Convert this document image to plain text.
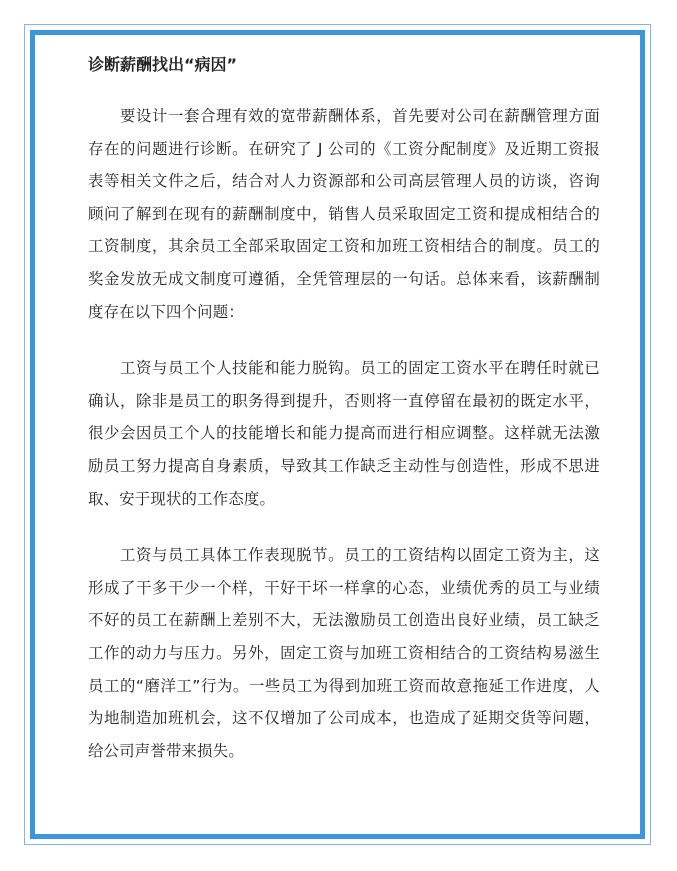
诊断薪酬找出“病因”

要设计一套合理有效的宽带薪酬体系，首先要对公司在薪酬管理方面存在的问题进行诊断。在研究了 J 公司的《工资分配制度》及近期工资报表等相关文件之后，结合对人力资源部和公司高层管理人员的访谈，咨询顾问了解到在现有的薪酬制度中，销售人员采取固定工资和提成相结合的工资制度，其余员工全部采取固定工资和加班工资相结合的制度。员工的奖金发放无成文制度可遵循，全凭管理层的一句话。总体来看，该薪酬制度存在以下四个问题：

工资与员工个人技能和能力脱钩。员工的固定工资水平在聘任时就已确认，除非是员工的职务得到提升，否则将一直停留在最初的既定水平，很少会因员工个人的技能增长和能力提高而进行相应调整。这样就无法激励员工努力提高自身素质，导致其工作缺乏主动性与创造性，形成不思进取、安于现状的工作态度。

工资与员工具体工作表现脱节。员工的工资结构以固定工资为主，这形成了干多干少一个样，干好干坏一样拿的心态，业绩优秀的员工与业绩不好的员工在薪酬上差别不大，无法激励员工创造出良好业绩，员工缺乏工作的动力与压力。另外，固定工资与加班工资相结合的工资结构易滋生员工的“磨洋工”行为。一些员工为得到加班工资而故意拖延工作进度，人为地制造加班机会，这不仅增加了公司成本，也造成了延期交货等问题，给公司声誉带来损失。
